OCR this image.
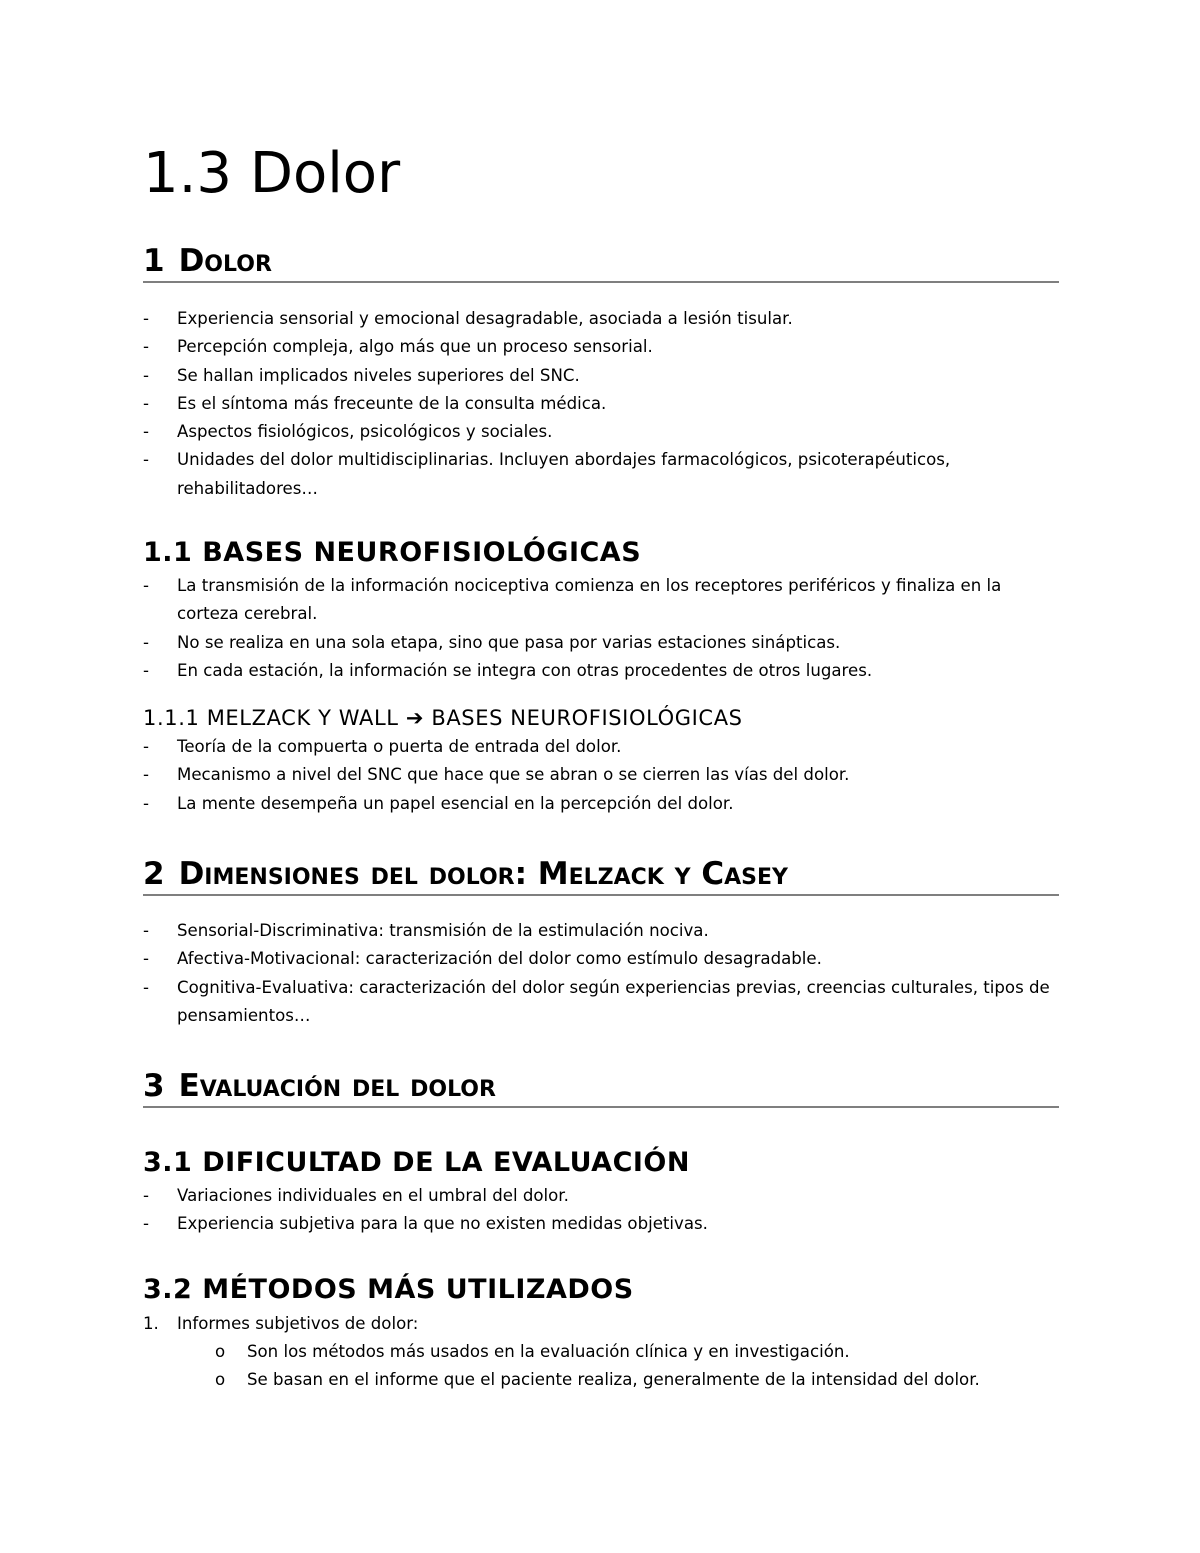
1.3 Dolor
1 Dolor
-	Experiencia sensorial y emocional desagradable, asociada a lesión tisular.
-	Percepción compleja, algo más que un proceso sensorial.
-	Se hallan implicados niveles superiores del SNC.
-	Es el síntoma más freceunte de la consulta médica.
-	Aspectos fisiológicos, psicológicos y sociales.
-	Unidades del dolor multidisciplinarias. Incluyen abordajes farmacológicos, psicoterapéuticos, rehabilitadores…
1.1 BASES NEUROFISIOLÓGICAS
-	La transmisión de la información nociceptiva comienza en los receptores periféricos y finaliza en la corteza cerebral.
-	No se realiza en una sola etapa, sino que pasa por varias estaciones sinápticas.
-	En cada estación, la información se integra con otras procedentes de otros lugares.
1.1.1 MELZACK Y WALL ➔ BASES NEUROFISIOLÓGICAS
-	Teoría de la compuerta o puerta de entrada del dolor.
-	Mecanismo a nivel del SNC que hace que se abran o se cierren las vías del dolor.
-	La mente desempeña un papel esencial en la percepción del dolor.
2 Dimensiones del dolor: Melzack y Casey
-	Sensorial-Discriminativa: transmisión de la estimulación nociva.
-	Afectiva-Motivacional: caracterización del dolor como estímulo desagradable.
-	Cognitiva-Evaluativa: caracterización del dolor según experiencias previas, creencias culturales, tipos de pensamientos…
3 Evaluación del dolor
3.1 DIFICULTAD DE LA EVALUACIÓN
-	Variaciones individuales en el umbral del dolor.
-	Experiencia subjetiva para la que no existen medidas objetivas.
3.2 MÉTODOS MÁS UTILIZADOS
1. Informes subjetivos de dolor:
o Son los métodos más usados en la evaluación clínica y en investigación.
o Se basan en el informe que el paciente realiza, generalmente de la intensidad del dolor.
